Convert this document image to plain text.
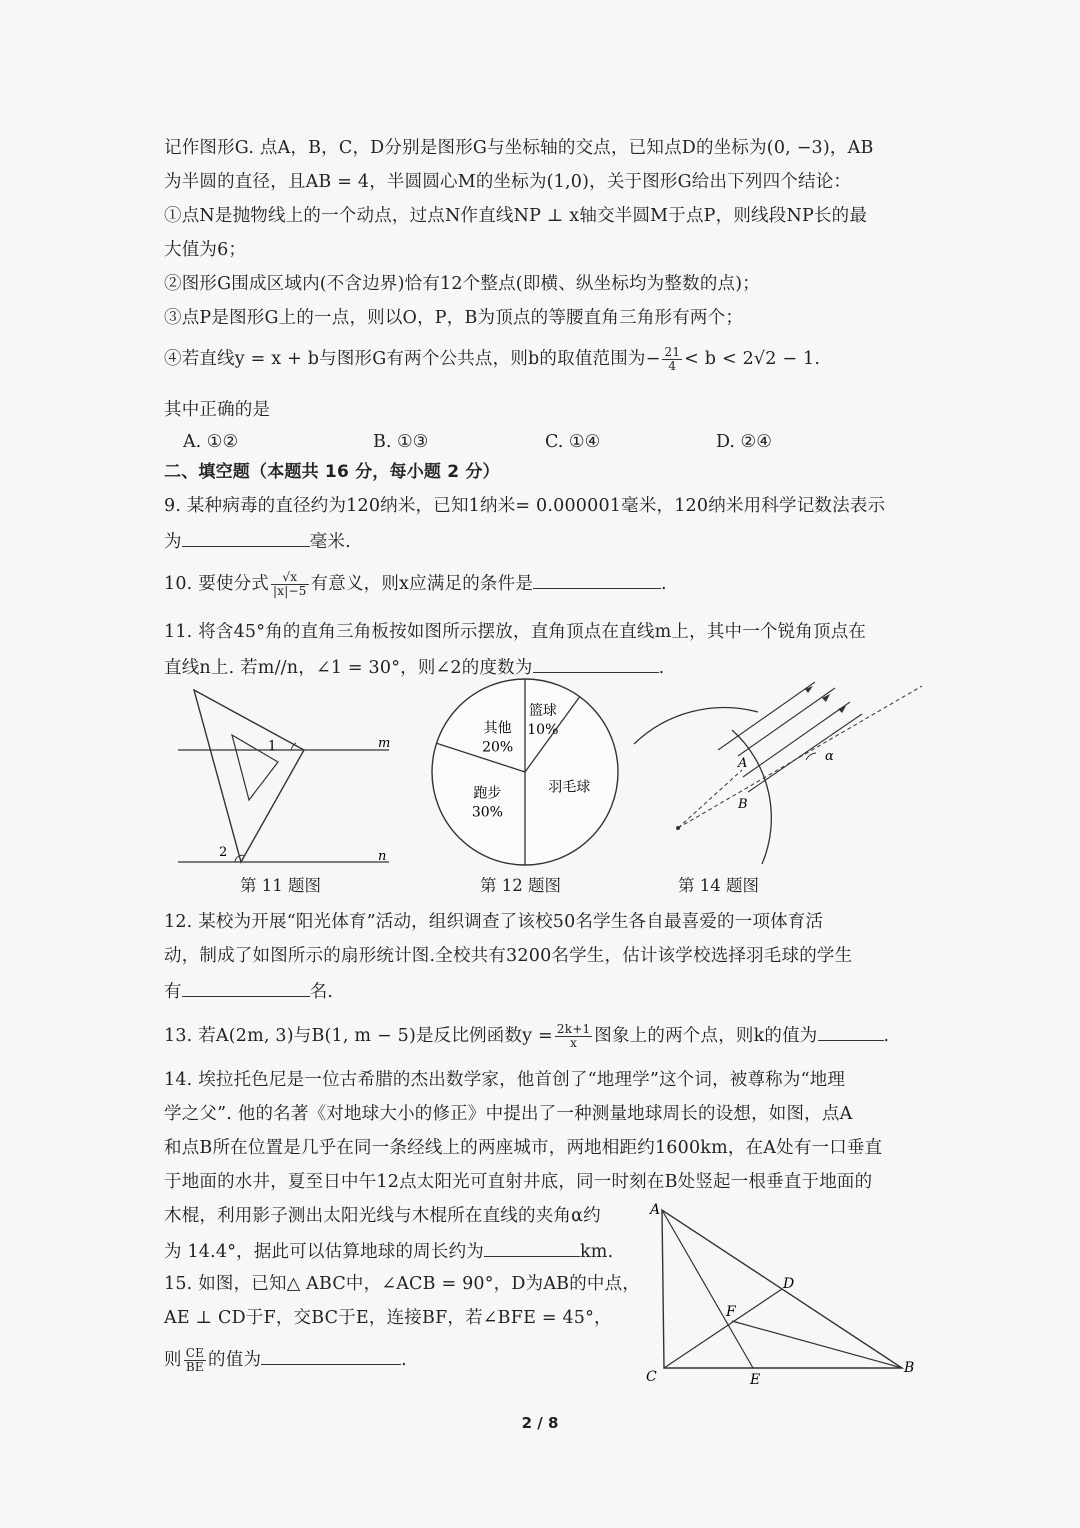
记作图形G. 点A，B，C，D分别是图形G与坐标轴的交点，已知点D的坐标为(0, −3)，AB
为半圆的直径，且AB = 4，半圆圆心M的坐标为(1,0)，关于图形G给出下列四个结论：
①点N是抛物线上的一个动点，过点N作直线NP ⊥ x轴交半圆M于点P，则线段NP长的最
大值为6；
②图形G围成区域内(不含边界)恰有12个整点(即横、纵坐标均为整数的点)；
③点P是图形G上的一点，则以O，P，B为顶点的等腰直角三角形有两个；
④若直线y = x + b与图形G有两个公共点，则b的取值范围为− $\frac{21}{4} < b < 2√2 - 1$.
其中正确的是
A. ①②	B. ①③	C. ①④	D. ②④
二、填空题（本题共 16 分，每小题 2 分）
9. 某种病毒的直径约为120纳米，已知1纳米= 0.000001毫米，120纳米用科学记数法表示
为	毫米.
10. 要使分式 $\frac{√x}{|x|-5}$ 有意义，则x应满足的条件是	.
11. 将含45°角的直角三角板按如图所示摆放，直角顶点在直线m上，其中一个锐角顶点在
直线n上. 若m//n，∠1 = 30°，则∠2的度数为	.
1
2
m
n
第 11 题图
篮球
10%
羽毛球
跑步
30%
其他
20%
第 12 题图
A
B
α
第 14 题图
12. 某校为开展“阳光体育”活动，组织调查了该校50名学生各自最喜爱的一项体育活
动，制成了如图所示的扇形统计图.全校共有3200名学生，估计该学校选择羽毛球的学生
有	名.
13. 若A(2m, 3)与B(1, m − 5)是反比例函数$y = \frac{2k+1}{x}$ 图象上的两个点，则k的值为	.
14. 埃拉托色尼是一位古希腊的杰出数学家，他首创了“地理学”这个词，被尊称为“地理
学之父”. 他的名著《对地球大小的修正》中提出了一种测量地球周长的设想，如图，点A
和点B所在位置是几乎在同一条经线上的两座城市，两地相距约1600km，在A处有一口垂直
于地面的水井，夏至日中午12点太阳光可直射井底，同一时刻在B处竖起一根垂直于地面的
木棍，利用影子测出太阳光线与木棍所在直线的夹角α约
为 14.4°，据此可以估算地球的周长约为	km.
15. 如图，已知△ ABC中，∠ACB = 90°，D为AB的中点，
AE ⊥ CD于F，交BC于E，连接BF，若∠BFE = 45°，
则 $\frac{CE}{BE}$ 的值为	.
A
B
C
D
E
F
2 / 8
